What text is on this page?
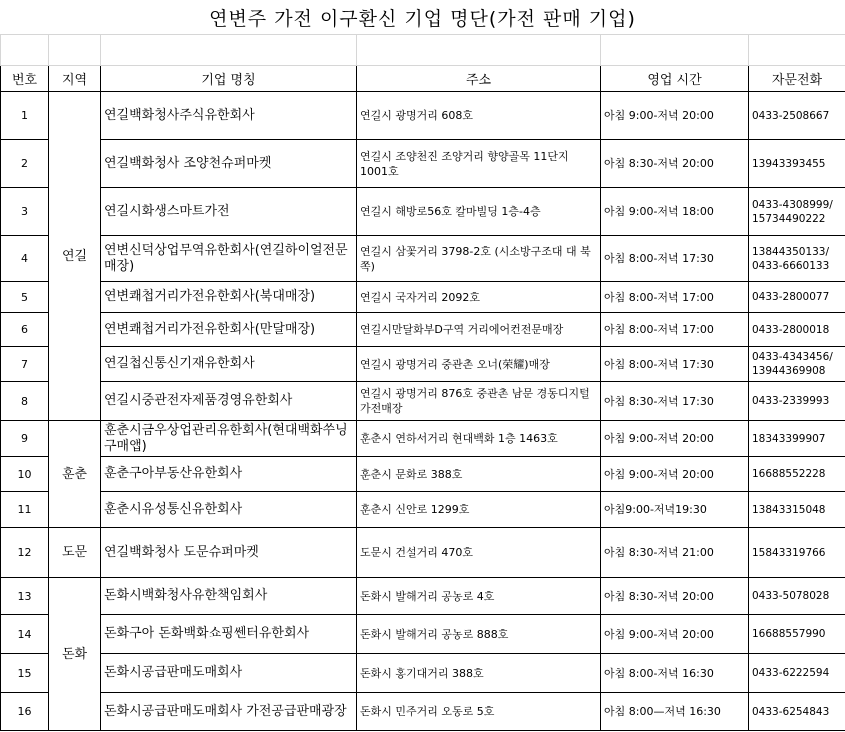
연변주 가전 이구환신 기업 명단(가전 판매 기업)

번호	지역	기업 명칭	주소	영업 시간	자문전화
1	연길	연길백화청사주식유한회사	연길시 광명거리 608호	아침 9:00-저녁 20:00	0433-2508667
2		연길백화청사 조양천슈퍼마켓	연길시 조양천진 조양거리 향양골목 11단지 1001호	아침 8:30-저녁 20:00	13943393455
3		연길시화생스마트가전	연길시 해방로56호 칼마빌딩 1층-4층	아침 9:00-저녁 18:00	0433-4308999/ 15734490222
4		연변신덕상업무역유한회사(연길하이얼전문매장)	연길시 삼꽃거리 3798-2호 (시소방구조대 대 북쪽)	아침 8:00-저녁 17:30	13844350133/ 0433-6660133
5		연변쾌첩거리가전유한회사(북대매장)	연길시 국자거리 2092호	아침 8:00-저녁 17:00	0433-2800077
6		연변쾌첩거리가전유한회사(만달매장)	연길시만달화부D구역 거리에어컨전문매장	아침 8:00-저녁 17:00	0433-2800018
7		연길첩신통신기재유한회사	연길시 광명거리 중관촌 오너(荣耀)매장	아침 8:00-저녁 17:30	0433-4343456/ 13944369908
8		연길시중관전자제품경영유한회사	연길시 광명거리 876호 중관촌 남문 경동디지털가전매장	아침 8:30-저녁 17:30	0433-2339993
9	훈춘	훈춘시금우상업관리유한회사(현대백화쑤닝구매앱)	훈춘시 연하서거리 현대백화 1층 1463호	아침 9:00-저녁 20:00	18343399907
10		훈춘구아부동산유한회사	훈춘시 문화로 388호	아침 9:00-저녁 20:00	16688552228
11		훈춘시유성통신유한회사	훈춘시 신안로 1299호	아침9:00-저녁19:30	13843315048
12	도문	연길백화청사 도문슈퍼마켓	도문시 건설거리 470호	아침 8:30-저녁 21:00	15843319766
13	돈화	돈화시백화청사유한책임회사	돈화시 발해거리 공농로 4호	아침 8:30-저녁 20:00	0433-5078028
14		돈화구아 돈화백화쇼핑쎈터유한회사	돈화시 발해거리 공농로 888호	아침 9:00-저녁 20:00	16688557990
15		돈화시공급판매도매회사	돈화시 홍기대거리 388호	아침 8:00-저녁 16:30	0433-6222594
16		돈화시공급판매도매회사 가전공급판매광장	돈화시 민주거리 오동로 5호	아침 8:00—저녁 16:30	0433-6254843
